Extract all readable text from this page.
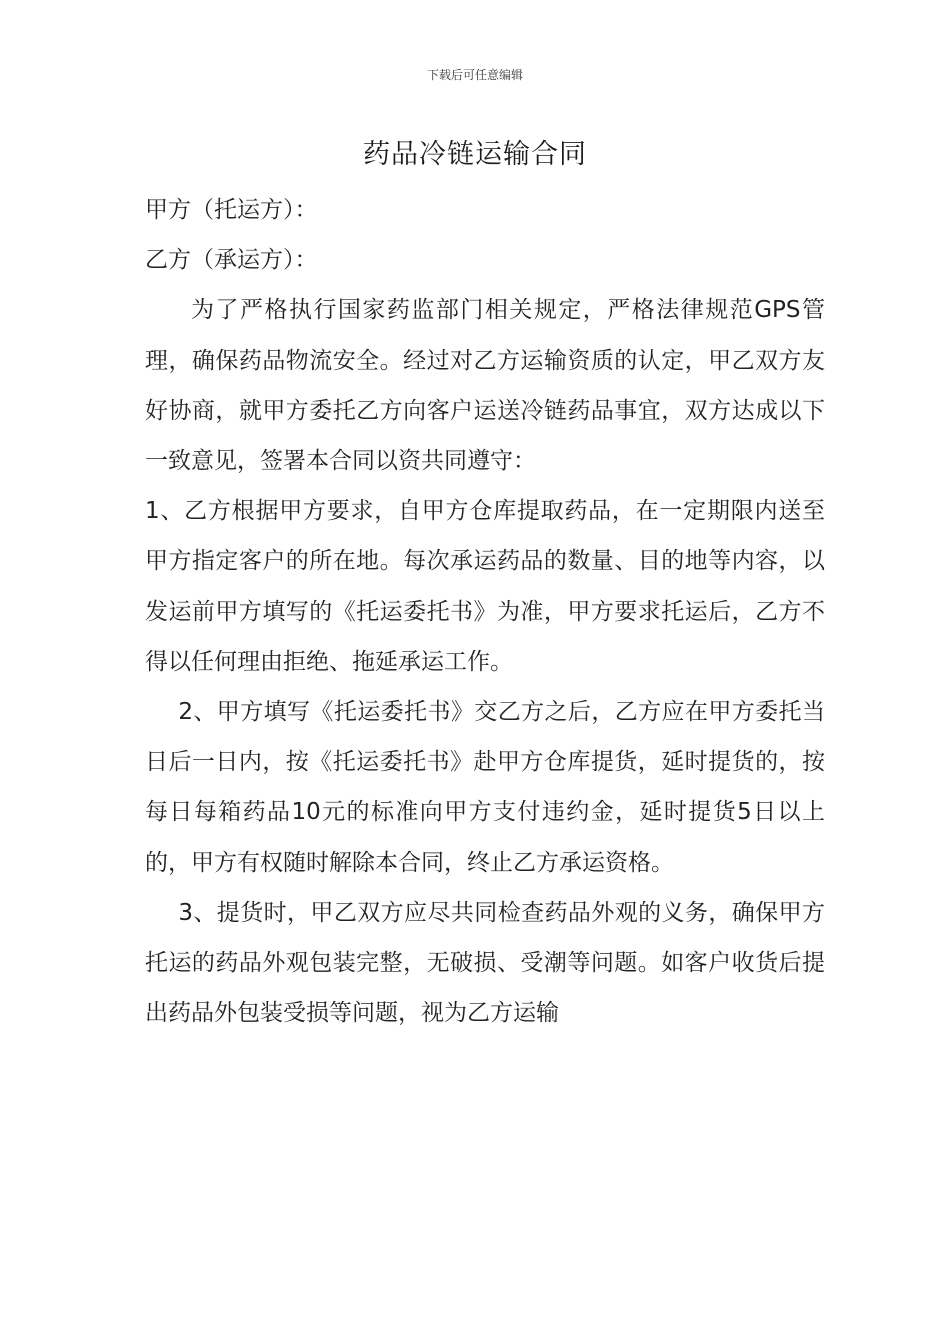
下载后可任意编辑
药品冷链运输合同
甲方（托运方）：
乙方（承运方）：

为了严格执行国家药监部门相关规定，严格法律规范GPS管理，确保药品物流安全。经过对乙方运输资质的认定，甲乙双方友好协商，就甲方委托乙方向客户运送冷链药品事宜，双方达成以下一致意见，签署本合同以资共同遵守：

1、乙方根据甲方要求，自甲方仓库提取药品，在一定期限内送至甲方指定客户的所在地。每次承运药品的数量、目的地等内容，以发运前甲方填写的《托运委托书》为准，甲方要求托运后，乙方不得以任何理由拒绝、拖延承运工作。

2、甲方填写《托运委托书》交乙方之后，乙方应在甲方委托当日后一日内，按《托运委托书》赴甲方仓库提货，延时提货的，按每日每箱药品10元的标准向甲方支付违约金，延时提货5日以上的，甲方有权随时解除本合同，终止乙方承运资格。

3、提货时，甲乙双方应尽共同检查药品外观的义务，确保甲方托运的药品外观包装完整，无破损、受潮等问题。如客户收货后提出药品外包装受损等问题，视为乙方运输
